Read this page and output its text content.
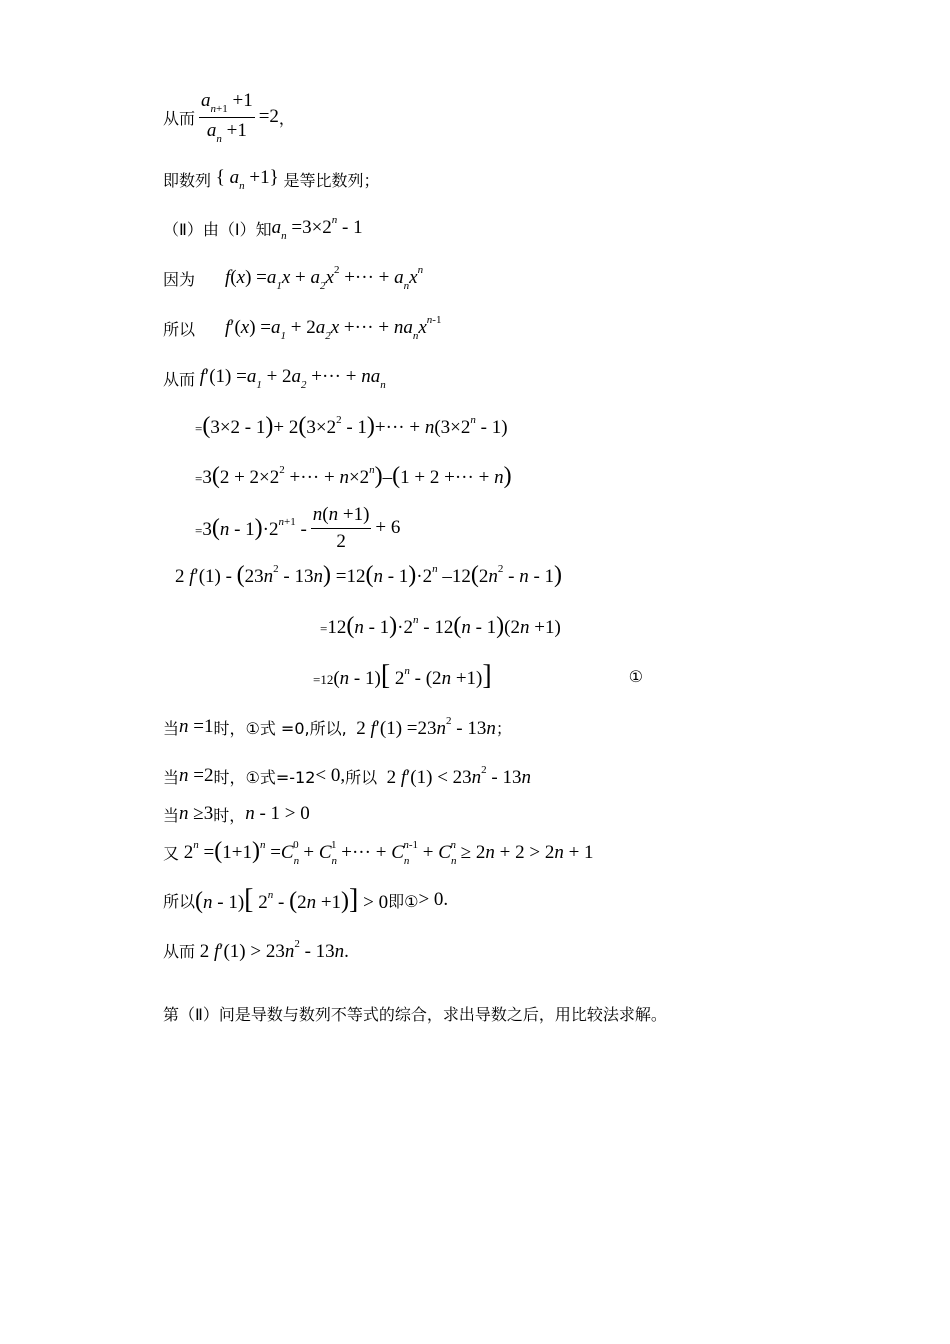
从而 $\frac{a_{n+1} +1}{a_n +1} =2$ ，
即数列 { $a_n +1$} 是等比数列；
（Ⅱ）由（Ⅰ）知 $a_n =3\times 2^n - 1$
因为 $f(x) =a_1x + a_2x^2$ +··· + $a_nx^n$
所以 $f'(x) =a_1 + 2a_2x$ +··· + $na_nx^{n-1}$
从而 $f'(1) =a_1 + 2a_2$ +··· + $na_n$
$=(3\times 2 - 1)+ 2(3\times 2^2 - 1)+\cdot\cdot\cdot + n(3\times 2^n - 1)$
$=3(2 + 2\times 2^2$ +··· + $n\times 2^n)-(1 + 2$ +··· + n)
$=3(n - 1)\cdot 2^{n+1} - \frac{n(n +1)}{2} + 6$
2 $f'(1) - (23n^2 - 13n) =12(n - 1)\cdot 2^n$ $-12(2n^2$ - n - 1)
$=12(n - 1)\cdot 2^n - 12(n - 1)(2n +1)$
=12(n - 1)[ 2$^n$ - (2n +1)]	①
当 n =1 时，①式 =0, 所以, 2 $f'(1) =23n^2 - 13n$ ；
当 n =2 时，①式=-12 < 0, 所以 2 $f'(1) < 23n^2 - 13n$
当 n ≥3 时， n - 1 > 0
又 $2^n =(1+1)^n =C_n^0 + C_n^1$ +··· + $C_n^{n-1} + C_n^n \ge 2n + 2 > 2n + 1$
所以 (n - 1)[ 2$^n$ - (2n +1)] > 0 即① > 0.
从而 2 $f'(1) > 23n^2 - 13n$.
第（Ⅱ）问是导数与数列不等式的综合，求出导数之后，用比较法求解。
